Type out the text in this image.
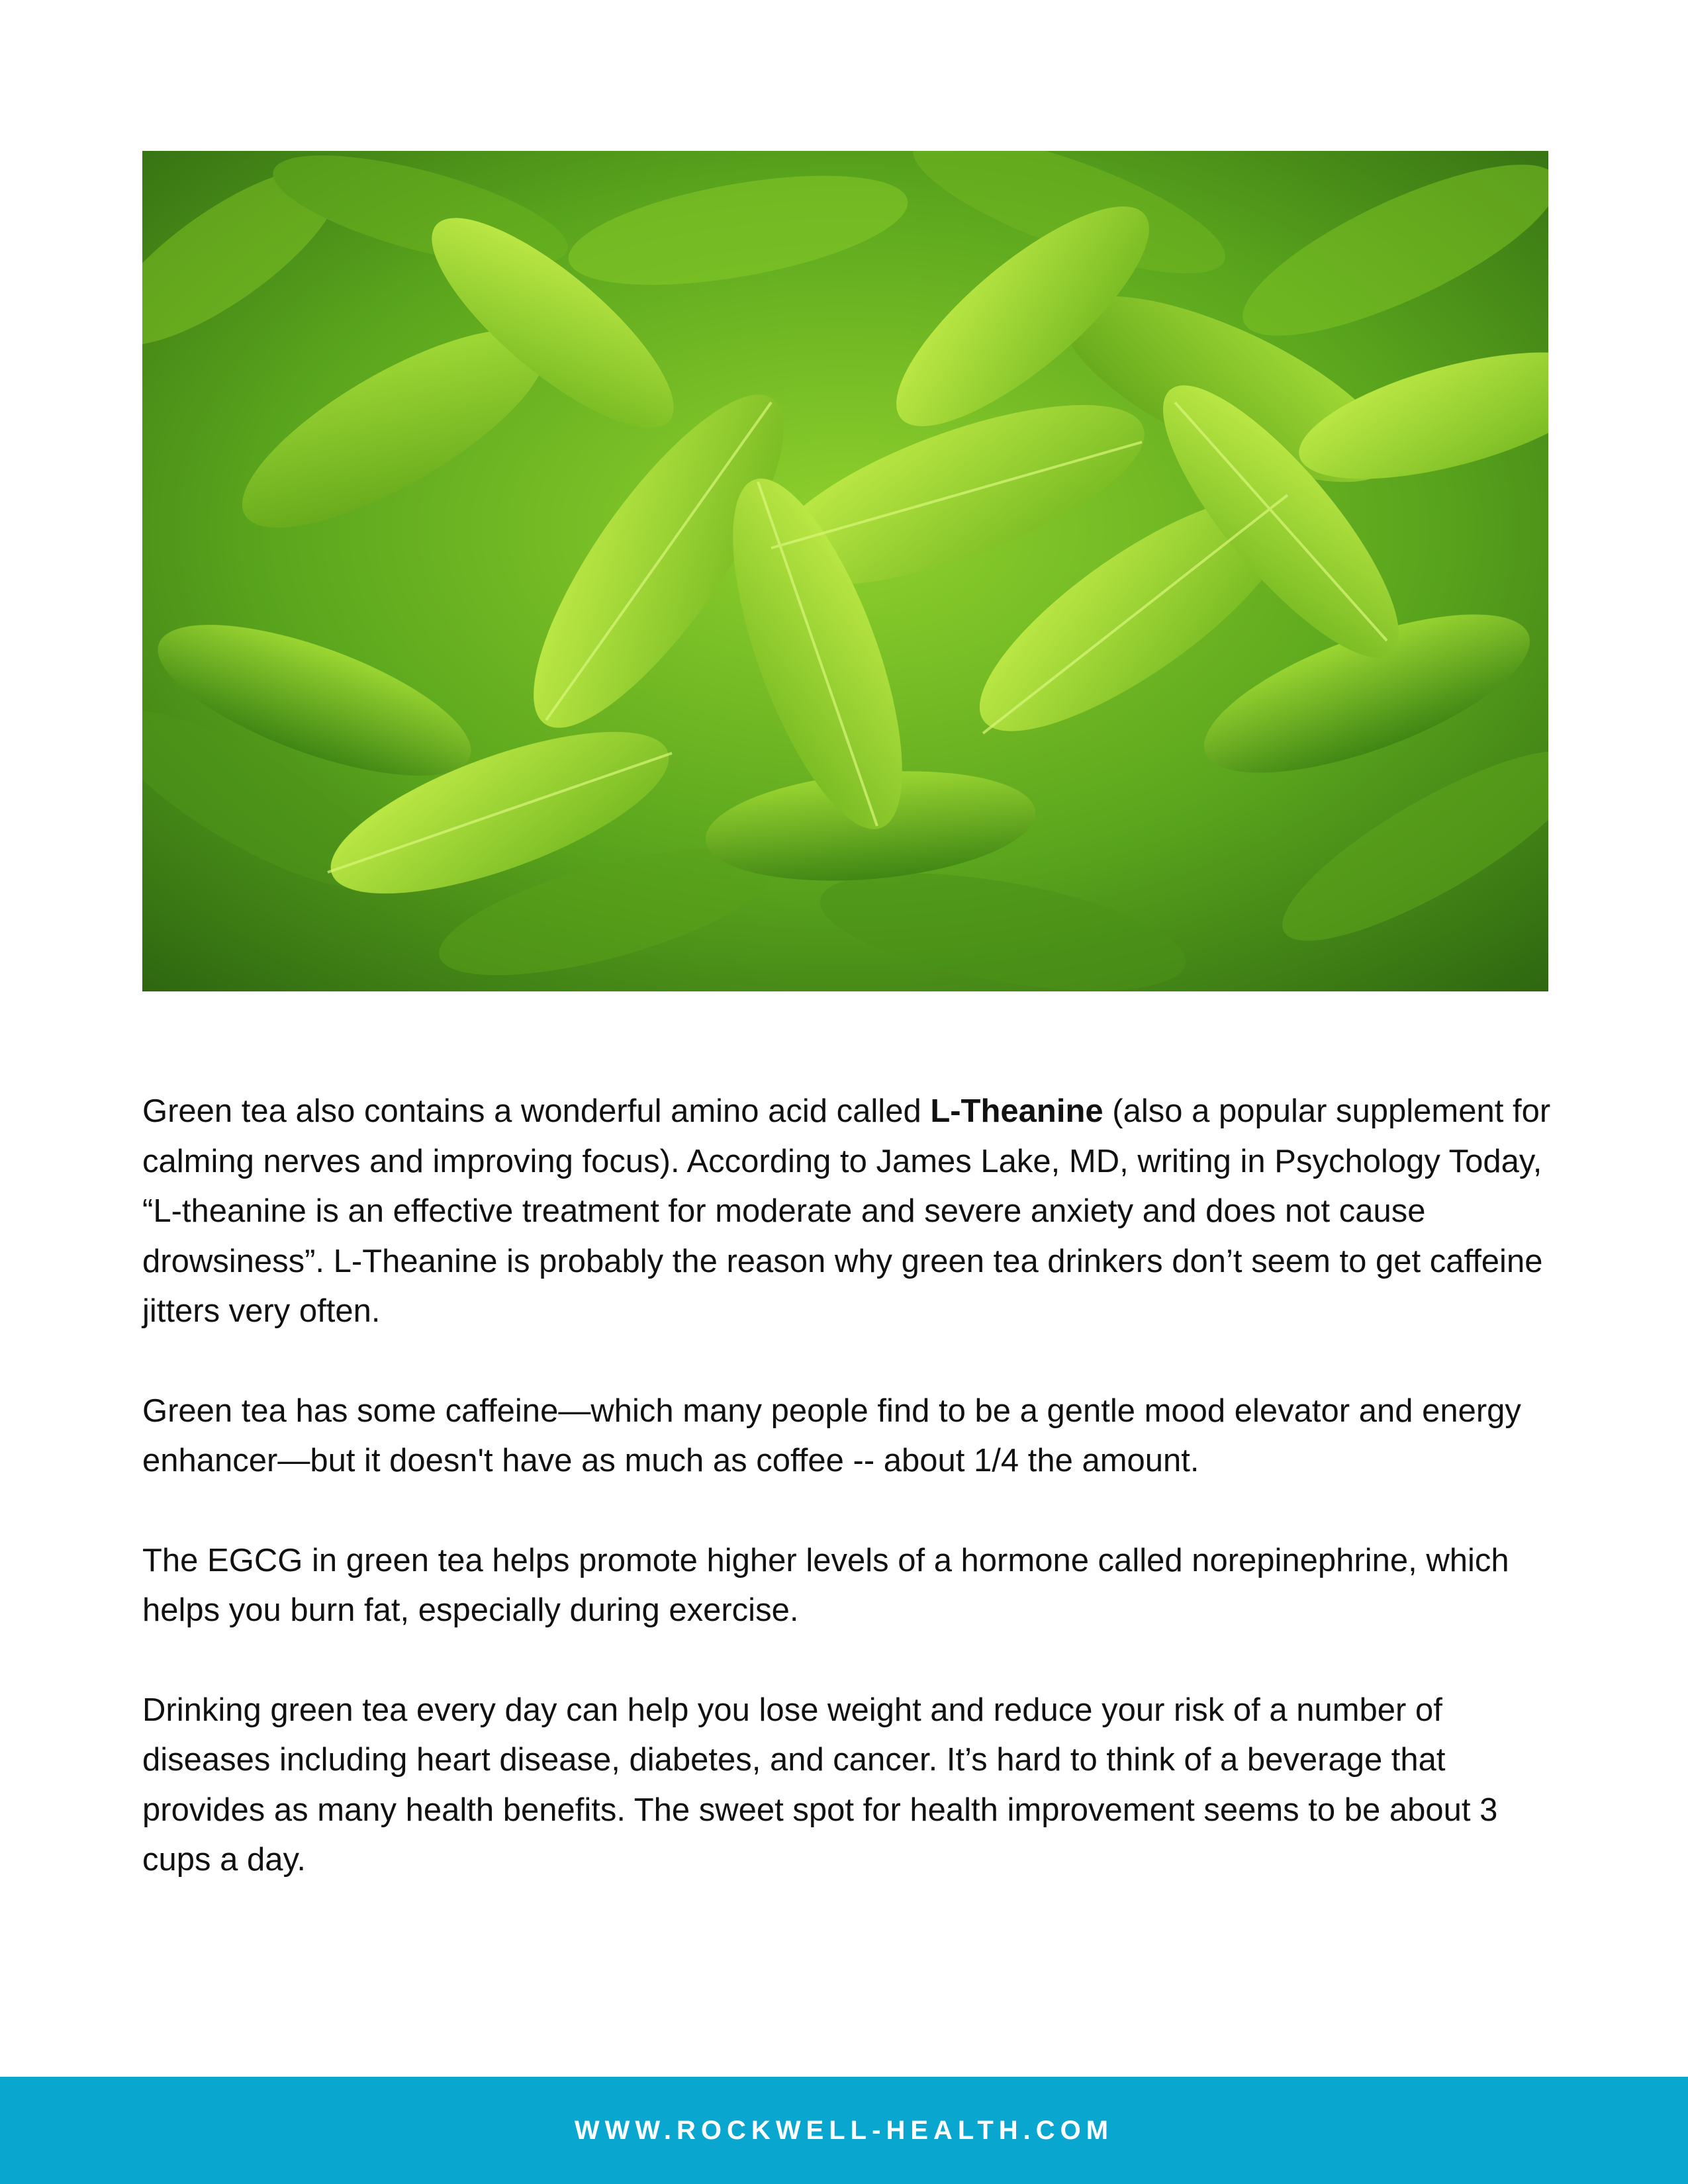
Green tea also contains a wonderful amino acid called L-Theanine (also a popular supplement for calming nerves and improving focus). According to James Lake, MD, writing in Psychology Today, “L-theanine is an effective treatment for moderate and severe anxiety and does not cause drowsiness”. L-Theanine is probably the reason why green tea drinkers don’t seem to get caffeine jitters very often.

Green tea has some caffeine—which many people find to be a gentle mood elevator and energy enhancer—but it doesn't have as much as coffee -- about 1/4 the amount.

The EGCG in green tea helps promote higher levels of a hormone called norepinephrine, which helps you burn fat, especially during exercise.

Drinking green tea every day can help you lose weight and reduce your risk of a number of diseases including heart disease, diabetes, and cancer. It’s hard to think of a beverage that provides as many health benefits. The sweet spot for health improvement seems to be about 3 cups a day.

WWW.ROCKWELL-HEALTH.COM
